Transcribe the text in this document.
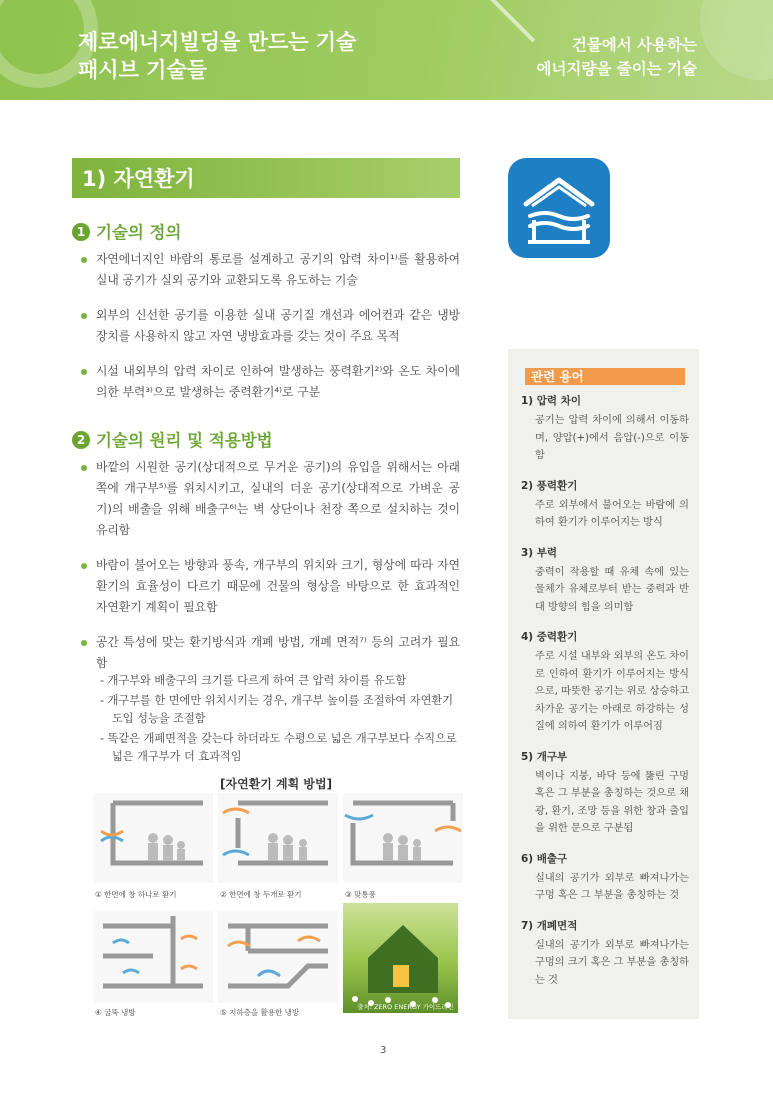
제로에너지빌딩을 만드는 기술
패시브 기술들
건물에서 사용하는
에너지량을 줄이는 기술
1) 자연환기
1 기술의 정의
자연에너지인 바람의 통로를 설계하고 공기의 압력 차이¹⁾를 활용하여 실내 공기가 실외 공기와 교환되도록 유도하는 기술
외부의 신선한 공기를 이용한 실내 공기질 개선과 에어컨과 같은 냉방 장치를 사용하지 않고 자연 냉방효과를 갖는 것이 주요 목적
시설 내외부의 압력 차이로 인하여 발생하는 풍력환기²⁾와 온도 차이에 의한 부력³⁾으로 발생하는 중력환기⁴⁾로 구분
2 기술의 원리 및 적용방법
바깥의 시원한 공기(상대적으로 무거운 공기)의 유입을 위해서는 아래쪽에 개구부⁵⁾를 위치시키고, 실내의 더운 공기(상대적으로 가벼운 공기)의 배출을 위해 배출구⁶⁾는 벽 상단이나 천장 쪽으로 설치하는 것이 유리함
바람이 불어오는 방향과 풍속, 개구부의 위치와 크기, 형상에 따라 자연환기의 효율성이 다르기 때문에 건물의 형상을 바탕으로 한 효과적인 자연환기 계획이 필요함
공간 특성에 맞는 환기방식과 개폐 방법, 개폐 면적⁷⁾ 등의 고려가 필요함
- 개구부와 배출구의 크기를 다르게 하여 큰 압력 차이를 유도함
- 개구부를 한 면에만 위치시키는 경우, 개구부 높이를 조절하여 자연환기 도입 성능을 조절함
- 똑같은 개폐면적을 갖는다 하더라도 수평으로 넓은 개구부보다 수직으로 넓은 개구부가 더 효과적임
[자연환기 계획 방법]
① 한면에 창 하나로 환기	② 한면에 창 두개로 환기	③ 맞통풍
④ 굴뚝 냉방	⑤ 지하층을 활용한 냉방
출처: ZERO ENERGY 가이드라인
관련 용어
1) 압력 차이
공기는 압력 차이에 의해서 이동하며, 양압(+)에서 음압(-)으로 이동함
2) 풍력환기
주로 외부에서 불어오는 바람에 의하여 환기가 이루어지는 방식
3) 부력
중력이 작용할 때 유체 속에 있는 물체가 유체로부터 받는 중력과 반대 방향의 힘을 의미함
4) 중력환기
주로 시설 내부와 외부의 온도 차이로 인하여 환기가 이루어지는 방식으로, 따뜻한 공기는 위로 상승하고 차가운 공기는 아래로 하강하는 성질에 의하여 환기가 이루어짐
5) 개구부
벽이나 지붕, 바닥 등에 뚫린 구멍 혹은 그 부분을 총칭하는 것으로 채광, 환기, 조망 등을 위한 창과 출입을 위한 문으로 구분됨
6) 배출구
실내의 공기가 외부로 빠져나가는 구멍 혹은 그 부분을 총칭하는 것
7) 개폐면적
실내의 공기가 외부로 빠져나가는 구멍의 크기 혹은 그 부분을 총칭하는 것
3
